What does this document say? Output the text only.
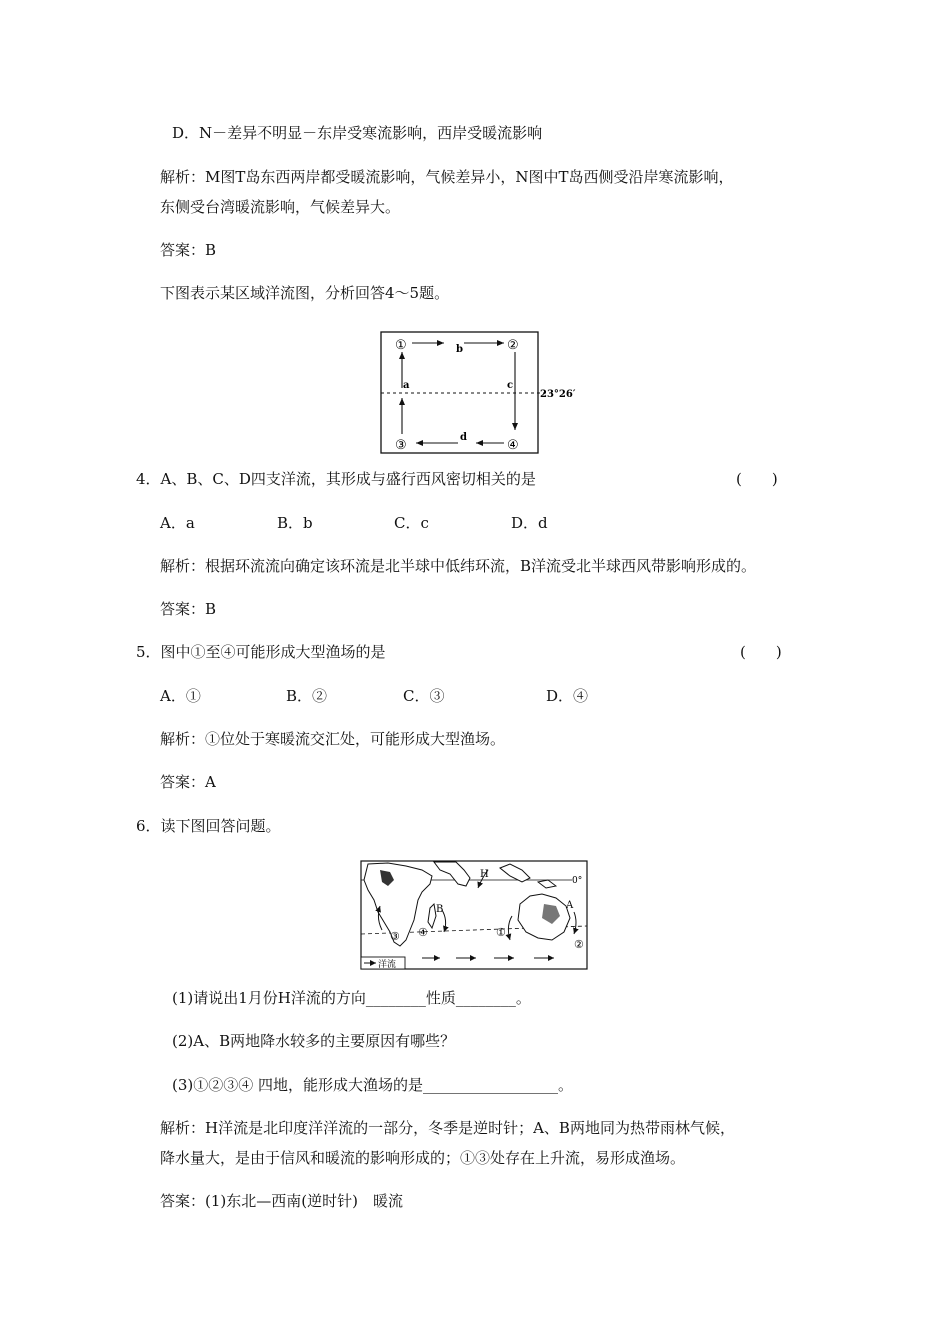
D．N－差异不明显－东岸受寒流影响，西岸受暖流影响
解析：M图T岛东西两岸都受暖流影响，气候差异小，N图中T岛西侧受沿岸寒流影响，
东侧受台湾暖流影响，气候差异大。
答案：B
下图表示某区域洋流图，分析回答4～5题。
①	②
③	④
a
b
c
d
23°26′
4．A、B、C、D四支洋流，其形成与盛行西风密切相关的是	(　　)
A．a	B．b	C．c	D．d
解析：根据环流流向确定该环流是北半球中低纬环流，B洋流受北半球西风带影响形成的。
答案：B
5．图中①至④可能形成大型渔场的是	(　　)
A．①	B．②	C．③	D．④
解析：①位处于寒暖流交汇处，可能形成大型渔场。
答案：A
6．读下图回答问题。
洋流
H
0°
B	A
①
②
③ ④
(1)请说出1月份H洋流的方向________性质________。
(2)A、B两地降水较多的主要原因有哪些？
(3)①②③④ 四地，能形成大渔场的是__________________。
解析：H洋流是北印度洋洋流的一部分，冬季是逆时针；A、B两地同为热带雨林气候，
降水量大，是由于信风和暖流的影响形成的；①③处存在上升流，易形成渔场。
答案：(1)东北—西南(逆时针)　暖流
